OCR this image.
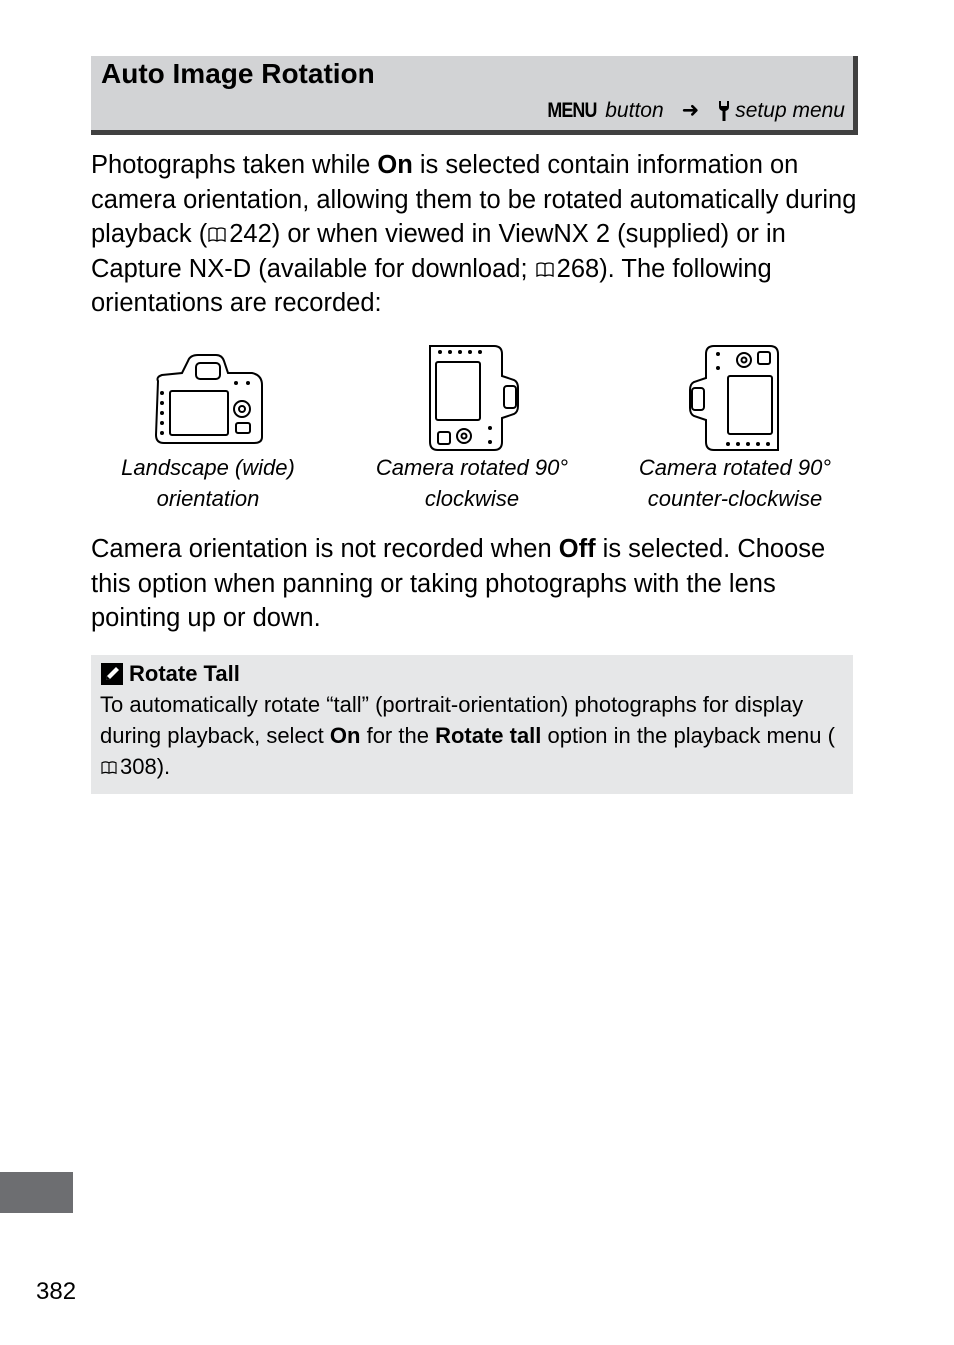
Auto Image Rotation
MENU button ➜ setup menu
Photographs taken while On is selected contain information on camera orientation, allowing them to be rotated automatically during playback ( 242) or when viewed in ViewNX 2 (supplied) or in Capture NX-D (available for download; 268). The following orientations are recorded:
Landscape (wide)
orientation
Camera rotated 90°
clockwise
Camera rotated 90°
counter-clockwise
Camera orientation is not recorded when Off is selected. Choose this option when panning or taking photographs with the lens pointing up or down.
Rotate Tall
To automatically rotate “tall” (portrait-orientation) photographs for display during playback, select On for the Rotate tall option in the playback menu (308).
382
